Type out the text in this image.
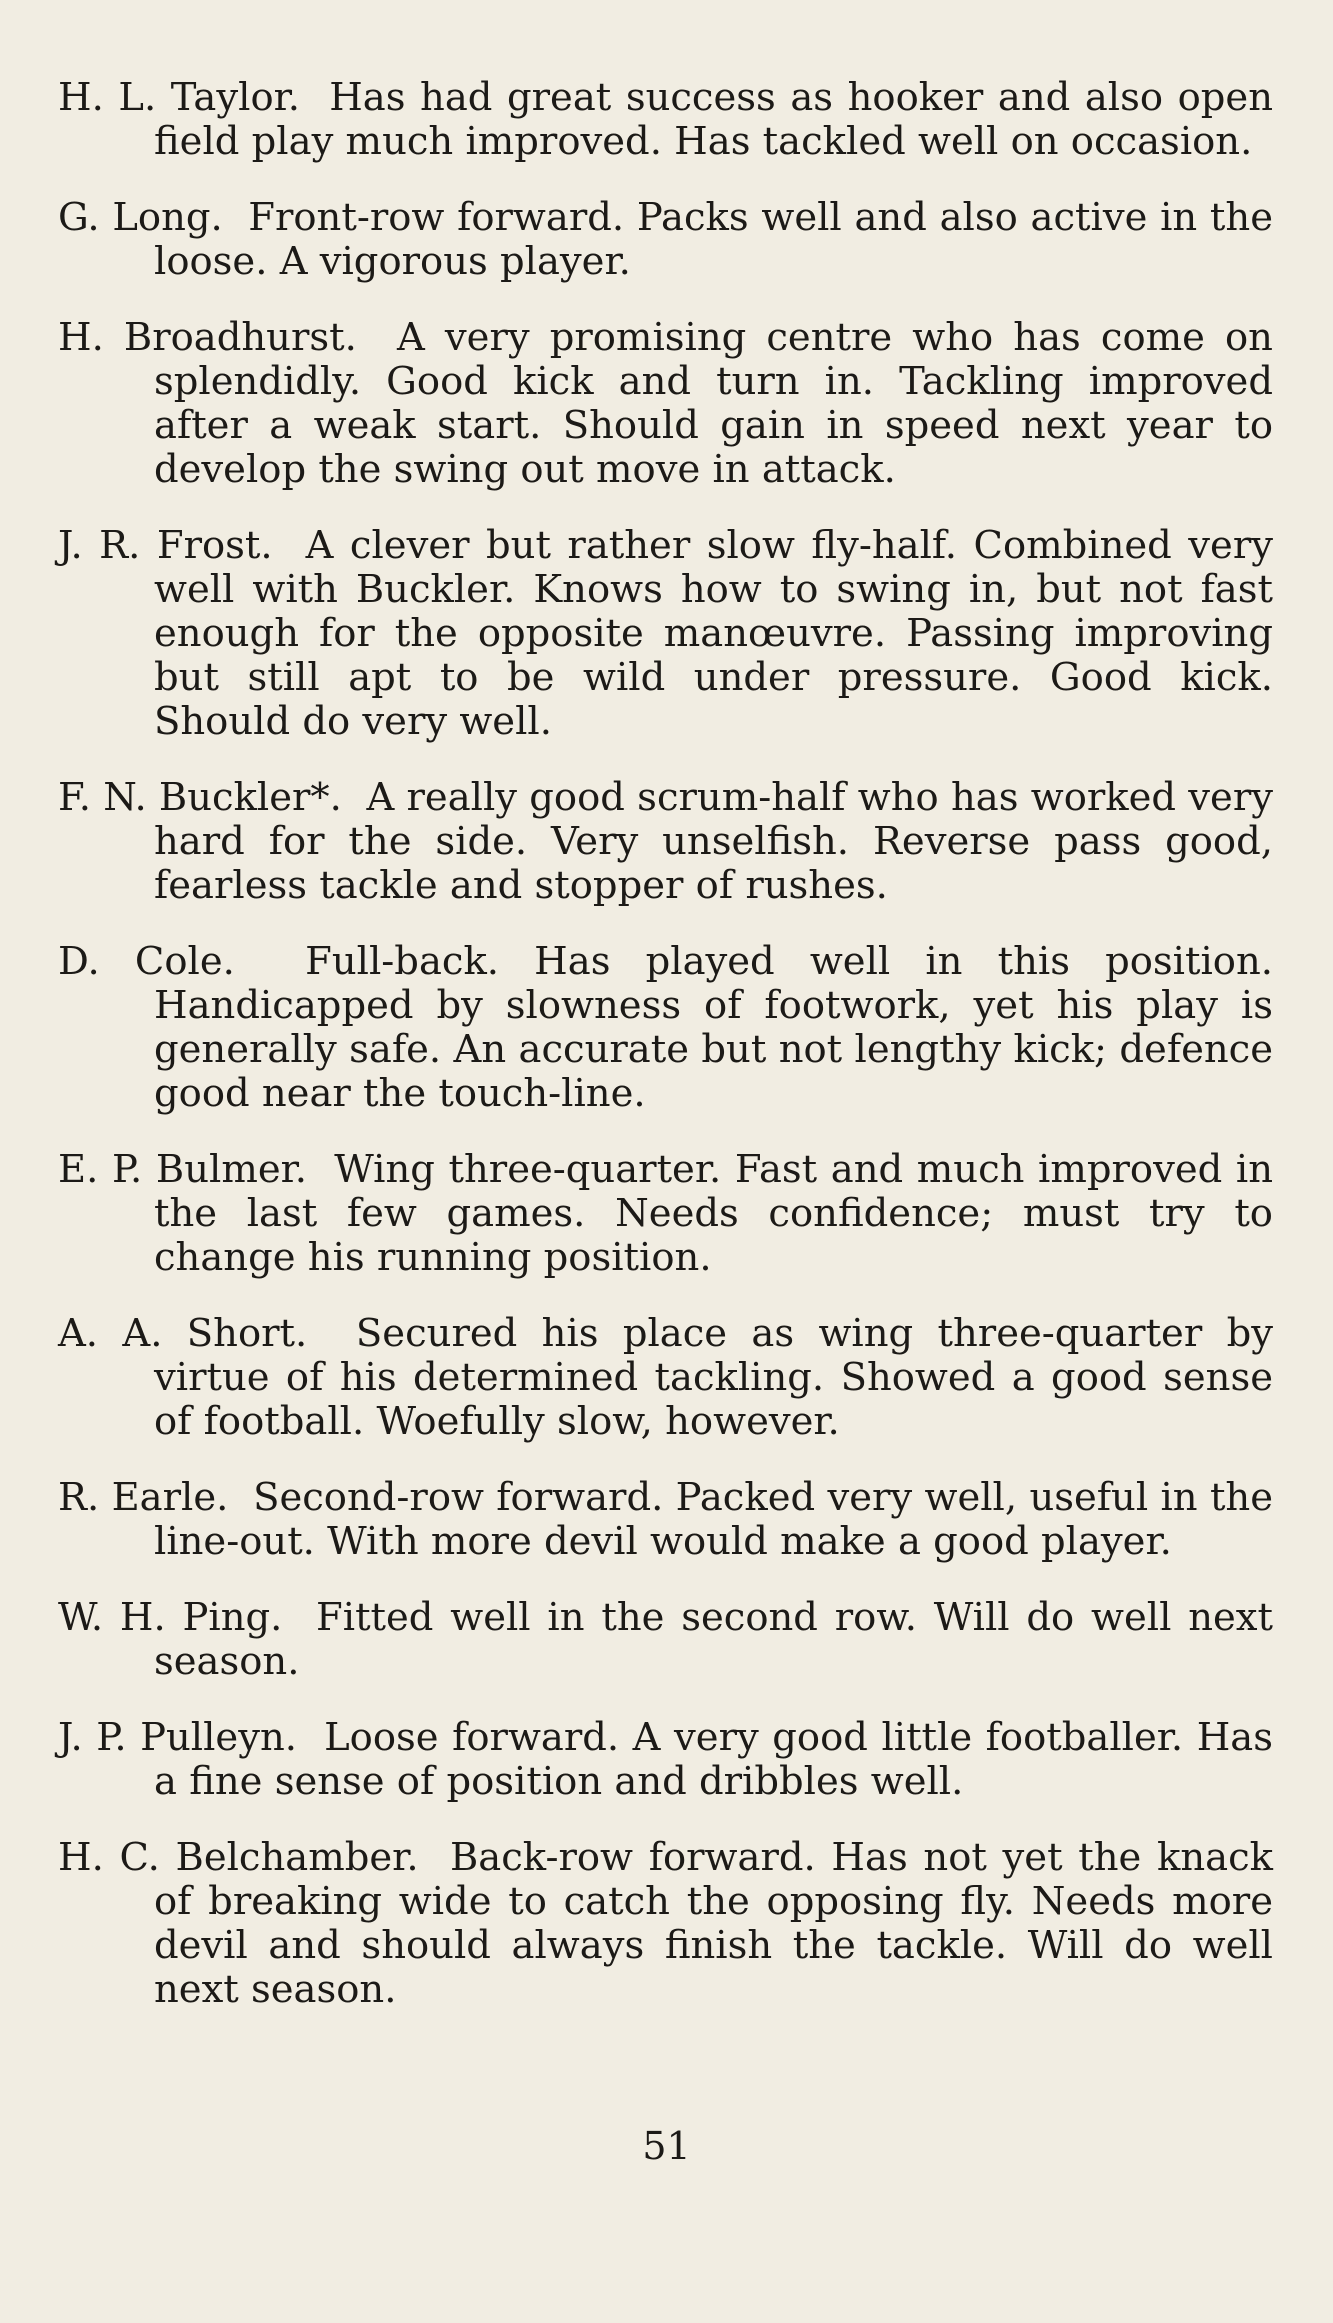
H. L. Taylor. Has had great success as hooker and also open field play much improved. Has tackled well on occasion.

G. Long. Front-row forward. Packs well and also active in the loose. A vigorous player.

H. Broadhurst. A very promising centre who has come on splendidly. Good kick and turn in. Tackling improved after a weak start. Should gain in speed next year to develop the swing out move in attack.

J. R. Frost. A clever but rather slow fly-half. Combined very well with Buckler. Knows how to swing in, but not fast enough for the opposite manœuvre. Passing improving but still apt to be wild under pressure. Good kick. Should do very well.

F. N. Buckler*. A really good scrum-half who has worked very hard for the side. Very unselfish. Reverse pass good, fearless tackle and stopper of rushes.

D. Cole. Full-back. Has played well in this position. Handicapped by slowness of footwork, yet his play is generally safe. An accurate but not lengthy kick; defence good near the touch-line.

E. P. Bulmer. Wing three-quarter. Fast and much improved in the last few games. Needs confidence; must try to change his running position.

A. A. Short. Secured his place as wing three-quarter by virtue of his determined tackling. Showed a good sense of football. Woefully slow, however.

R. Earle. Second-row forward. Packed very well, useful in the line-out. With more devil would make a good player.

W. H. Ping. Fitted well in the second row. Will do well next season.

J. P. Pulleyn. Loose forward. A very good little footballer. Has a fine sense of position and dribbles well.

H. C. Belchamber. Back-row forward. Has not yet the knack of breaking wide to catch the opposing fly. Needs more devil and should always finish the tackle. Will do well next season.

51
